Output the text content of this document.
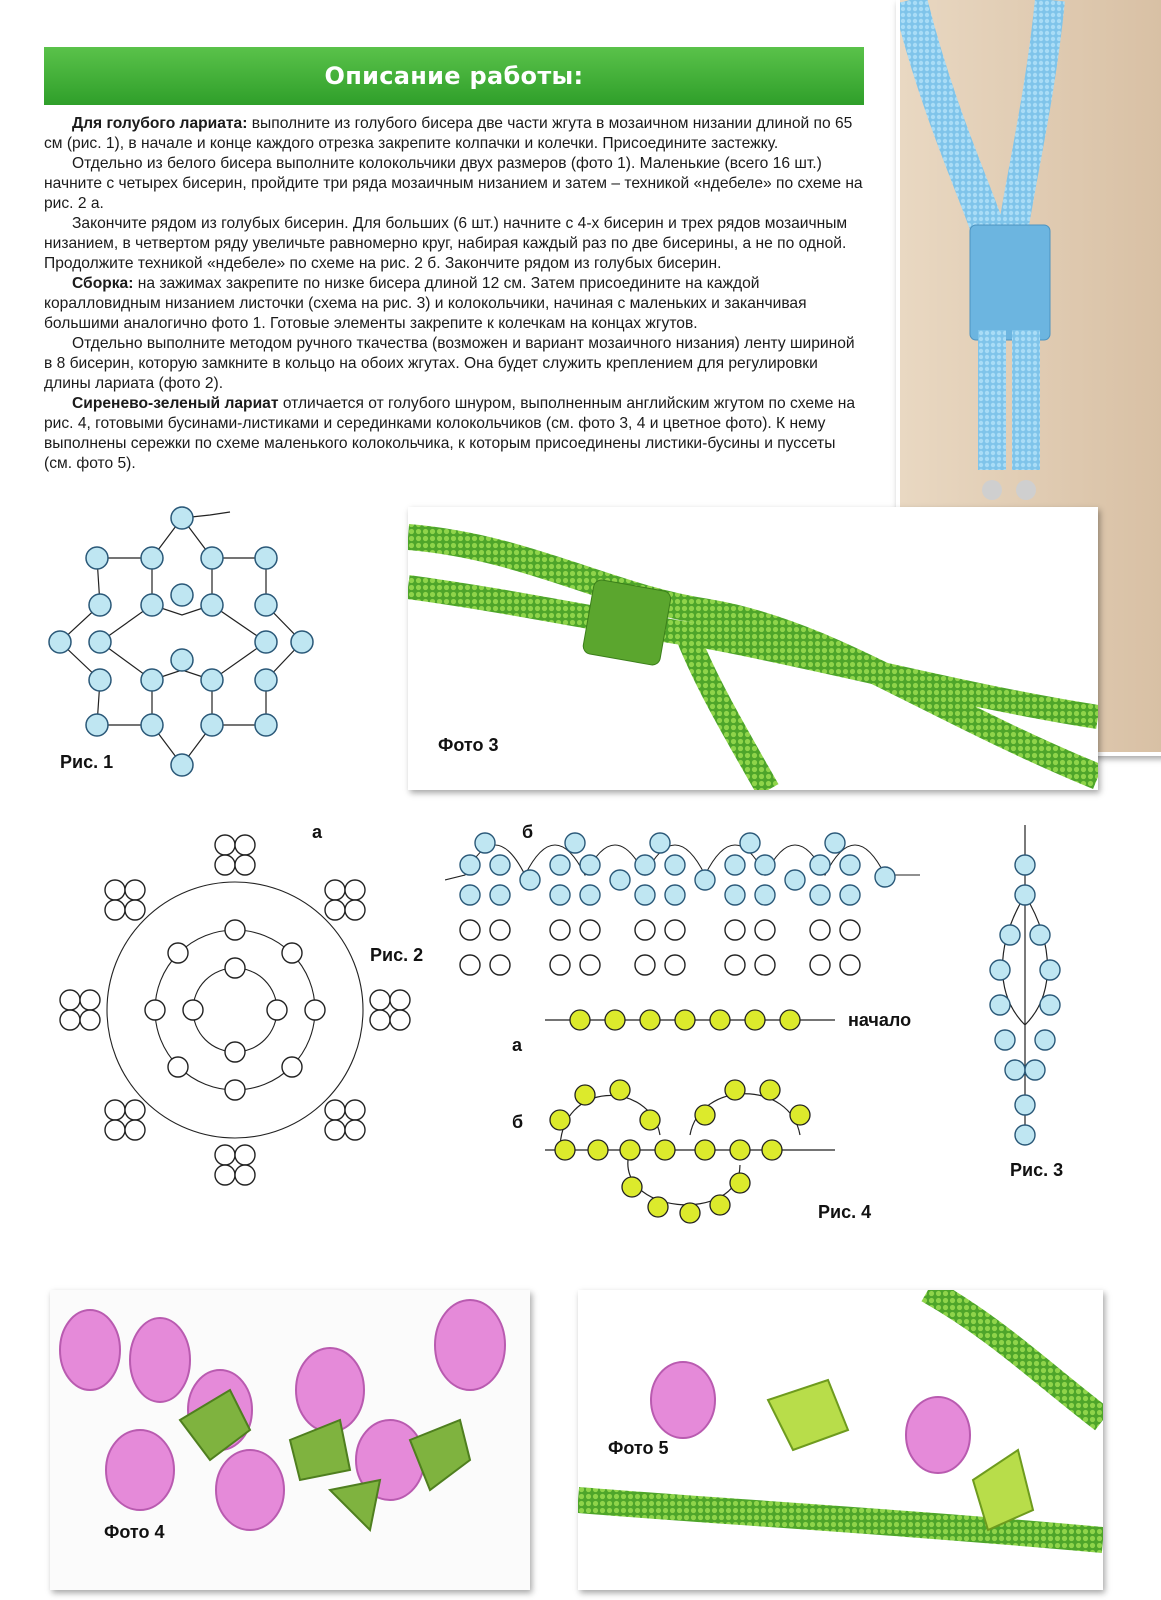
Описание работы:

Для голубого лариата: выполните из голубого бисера две части жгута в мозаичном низании длиной по 65 см (рис. 1), в начале и конце каждого отрезка закрепите колпачки и колечки. Присоедините застежку.

Отдельно из белого бисера выполните колокольчики двух размеров (фото 1). Маленькие (всего 16 шт.) начните с четырех бисерин, пройдите три ряда мозаичным низанием и затем – техникой «ндебеле» по схеме на рис. 2 а.

Закончите рядом из голубых бисерин. Для больших (6 шт.) начните с 4-х бисерин и трех рядов мозаичным низанием, в четвертом ряду увеличьте равномерно круг, набирая каждый раз по две бисерины, а не по одной. Продолжите техникой «ндебеле» по схеме на рис. 2 б. Закончите рядом из голубых бисерин.

Сборка: на зажимах закрепите по низке бисера длиной 12 см. Затем присоедините на каждой коралловидным низанием листочки (схема на рис. 3) и колокольчики, начиная с маленьких и заканчивая большими аналогично фото 1. Готовые элементы закрепите к колечкам на концах жгутов.

Отдельно выполните методом ручного ткачества (возможен и вариант мозаичного низания) ленту шириной в 8 бисерин, которую замкните в кольцо на обоих жгутах. Она будет служить креплением для регулировки длины лариата (фото 2).

Сиренево-зеленый лариат отличается от голубого шнуром, выполненным английским жгутом по схеме на рис. 4, готовыми бусинами-листиками и серединками колокольчиков (см. фото 3, 4 и цветное фото). К нему выполнены сережки по схеме маленького колокольчика, к которым присоединены листики-бусины и пуссеты (см. фото 5).

Фото 3
Рис. 1
а
Рис. 2
б
Рис. 3
начало
а
б
Рис. 4
Фото 4
Фото 5
